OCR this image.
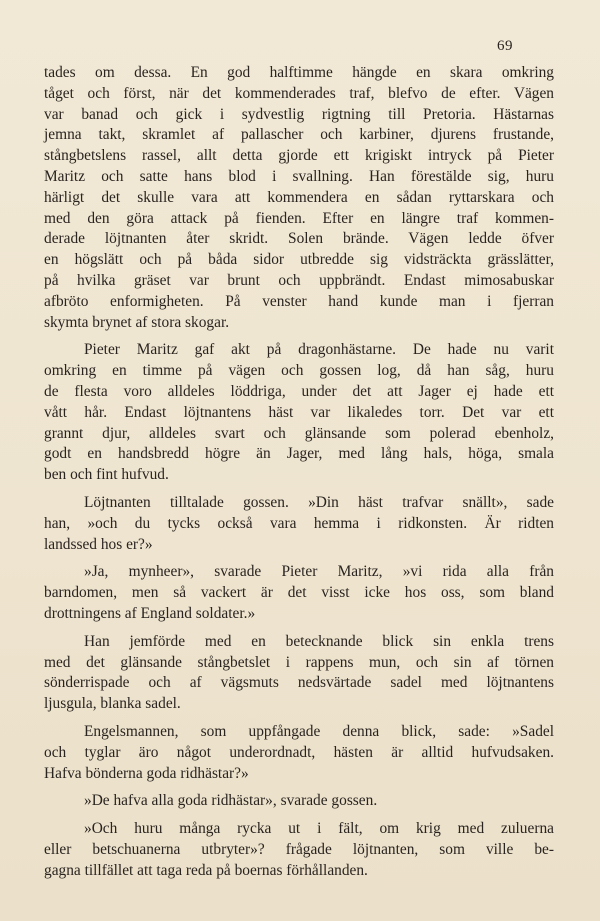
69
tades om dessa. En god halftimme hängde en skara omkring
tåget och först, när det kommenderades traf, blefvo de efter. Vägen
var banad och gick i sydvestlig rigtning till Pretoria. Hästarnas
jemna takt, skramlet af pallascher och karbiner, djurens frustande,
stångbetslens rassel, allt detta gjorde ett krigiskt intryck på Pieter
Maritz och satte hans blod i svallning. Han förestälde sig, huru
härligt det skulle vara att kommendera en sådan ryttarskara och
med den göra attack på fienden. Efter en längre traf kommen-
derade löjtnanten åter skridt. Solen brände. Vägen ledde öfver
en högslätt och på båda sidor utbredde sig vidsträckta grässlätter,
på hvilka gräset var brunt och uppbrändt. Endast mimosabuskar
afbröto enformigheten. På venster hand kunde man i fjerran
skymta brynet af stora skogar.
Pieter Maritz gaf akt på dragonhästarne. De hade nu varit
omkring en timme på vägen och gossen log, då han såg, huru
de flesta voro alldeles löddriga, under det att Jager ej hade ett
vått hår. Endast löjtnantens häst var likaledes torr. Det var ett
grannt djur, alldeles svart och glänsande som polerad ebenholz,
godt en handsbredd högre än Jager, med lång hals, höga, smala
ben och fint hufvud.
Löjtnanten tilltalade gossen. »Din häst trafvar snällt», sade
han, »och du tycks också vara hemma i ridkonsten. Är ridten
landssed hos er?»
»Ja, mynheer», svarade Pieter Maritz, »vi rida alla från
barndomen, men så vackert är det visst icke hos oss, som bland
drottningens af England soldater.»
Han jemförde med en betecknande blick sin enkla trens
med det glänsande stångbetslet i rappens mun, och sin af törnen
sönderrispade och af vägsmuts nedsvärtade sadel med löjtnantens
ljusgula, blanka sadel.
Engelsmannen, som uppfångade denna blick, sade: »Sadel
och tyglar äro något underordnadt, hästen är alltid hufvudsaken.
Hafva bönderna goda ridhästar?»
»De hafva alla goda ridhästar», svarade gossen.
»Och huru många rycka ut i fält, om krig med zuluerna
eller betschuanerna utbryter»? frågade löjtnanten, som ville be-
gagna tillfället att taga reda på boernas förhållanden.
